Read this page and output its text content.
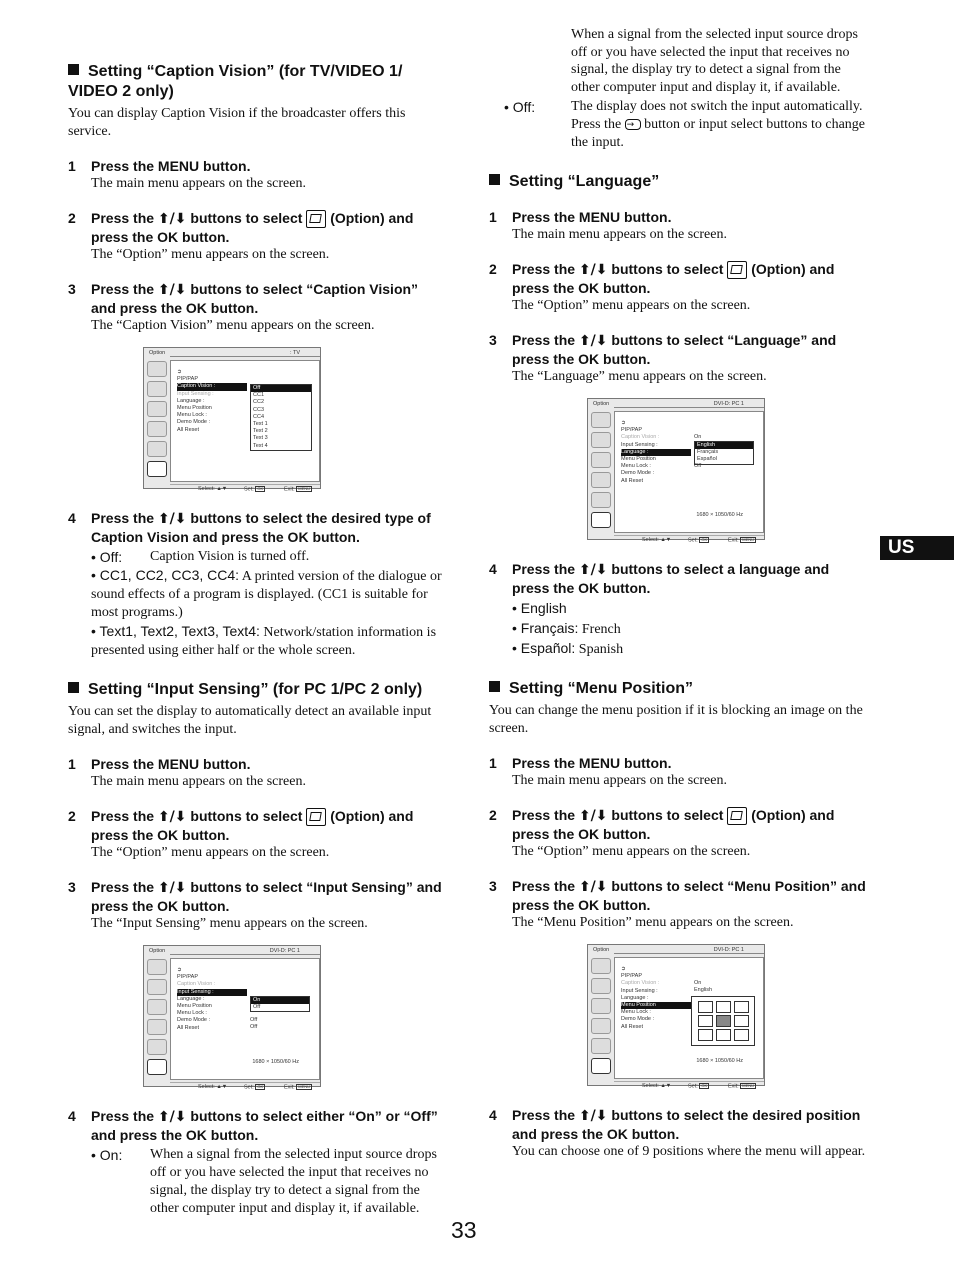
US
33
Setting “Caption Vision” (for TV/VIDEO 1/ VIDEO 2 only)

You can display Caption Vision if the broadcaster offers this service.

1 Press the MENU button.
The main menu appears on the screen.
2 Press the ⬆/⬇ buttons to select (Option) and press the OK button.
The “Option” menu appears on the screen.
3 Press the ⬆/⬇ buttons to select “Caption Vision” and press the OK button.
The “Caption Vision” menu appears on the screen.
Option	: TV
➲
PIP/PAP
Caption Vision :
Input Sensing :
Language :
Menu Position
Menu Lock :
Demo Mode :
All Reset
Off
CC1
CC2
CC3
CC4
Text 1
Text 2
Text 3
Text 4
Select: ▲▼	Set: OK	Exit: MENU
4 Press the ⬆/⬇ buttons to select the desired type of Caption Vision and press the OK button.
• Off: Caption Vision is turned off.
• CC1, CC2, CC3, CC4: A printed version of the dialogue or sound effects of a program is displayed. (CC1 is suitable for most programs.)
• Text1, Text2, Text3, Text4: Network/station information is presented using either half or the whole screen.
Setting “Input Sensing” (for PC 1/PC 2 only)

You can set the display to automatically detect an available input signal, and switches the input.

1 Press the MENU button.
The main menu appears on the screen.
2 Press the ⬆/⬇ buttons to select (Option) and press the OK button.
The “Option” menu appears on the screen.
3 Press the ⬆/⬇ buttons to select “Input Sensing” and press the OK button.
The “Input Sensing” menu appears on the screen.
Option	DVI-D: PC 1
➲
PIP/PAP
Caption Vision :
Input Sensing :
Language :
Menu Position
Menu Lock :
Demo Mode :
All Reset
On
Off
Off
Off
1680 × 1050/60 Hz
Select: ▲▼	Set: OK	Exit: MENU
4 Press the ⬆/⬇ buttons to select either “On” or “Off” and press the OK button.
• On: When a signal from the selected input source drops off or you have selected the input that receives no signal, the display try to detect a signal from the other computer input and display it, if available.
When a signal from the selected input source drops off or you have selected the input that receives no signal, the display try to detect a signal from the other computer input and display it, if available.
• Off:	The display does not switch the input automatically. Press the → button or input select buttons to change the input.
Setting “Language”
1 Press the MENU button.
The main menu appears on the screen.
2 Press the ⬆/⬇ buttons to select (Option) and press the OK button.
The “Option” menu appears on the screen.
3 Press the ⬆/⬇ buttons to select “Language” and press the OK button.
The “Language” menu appears on the screen.
Option	DVI-D: PC 1
➲
PIP/PAP
Caption Vision :
Input Sensing :
Language :
Menu Position
Menu Lock :
Demo Mode :
All Reset
On
English
Français
Español
Off
1680 × 1050/60 Hz
Select: ▲▼	Set: OK	Exit: MENU
4 Press the ⬆/⬇ buttons to select a language and press the OK button.
• English
• Français: French
• Español: Spanish
Setting “Menu Position”

You can change the menu position if it is blocking an image on the screen.

1 Press the MENU button.
The main menu appears on the screen.
2 Press the ⬆/⬇ buttons to select (Option) and press the OK button.
The “Option” menu appears on the screen.
3 Press the ⬆/⬇ buttons to select “Menu Position” and press the OK button.
The “Menu Position” menu appears on the screen.
Option	DVI-D: PC 1
➲
PIP/PAP
Caption Vision :
Input Sensing :
Language :
Menu Position
Menu Lock :
Demo Mode :
All Reset
On
English
1680 × 1050/60 Hz
Select: ▲▼	Set: OK	Exit: MENU
4 Press the ⬆/⬇ buttons to select the desired position and press the OK button.
You can choose one of 9 positions where the menu will appear.
